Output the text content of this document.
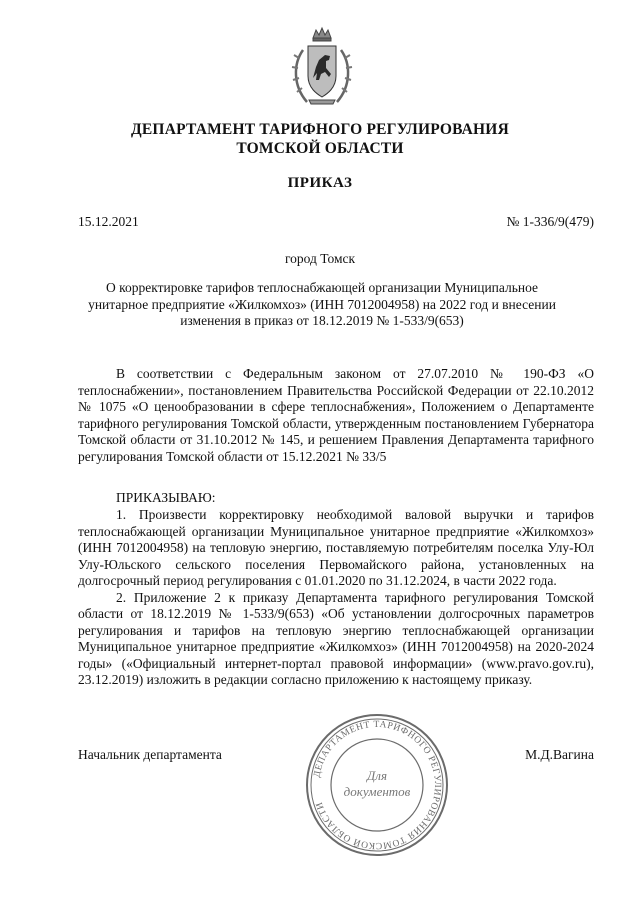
ДЕПАРТАМЕНТ ТАРИФНОГО РЕГУЛИРОВАНИЯ
ТОМСКОЙ ОБЛАСТИ
ПРИКАЗ
15.12.2021	№ 1-336/9(479)
город Томск
О корректировке тарифов теплоснабжающей организации Муниципальное унитарное предприятие «Жилкомхоз» (ИНН 7012004958) на 2022 год и внесении изменения в приказ от 18.12.2019 № 1-533/9(653)

В соответствии с Федеральным законом от 27.07.2010 № 190-ФЗ «О теплоснабжении», постановлением Правительства Российской Федерации от 22.10.2012 № 1075 «О ценообразовании в сфере теплоснабжения», Положением о Департаменте тарифного регулирования Томской области, утвержденным постановлением Губернатора Томской области от 31.10.2012 № 145, и решением Правления Департамента тарифного регулирования Томской области от 15.12.2021 № 33/5

ПРИКАЗЫВАЮ:

1. Произвести корректировку необходимой валовой выручки и тарифов теплоснабжающей организации Муниципальное унитарное предприятие «Жилкомхоз» (ИНН 7012004958) на тепловую энергию, поставляемую потребителям поселка Улу-Юл Улу-Юльского сельского поселения Первомайского района, установленных на долгосрочный период регулирования с 01.01.2020 по 31.12.2024, в части 2022 года.

2. Приложение 2 к приказу Департамента тарифного регулирования Томской области от 18.12.2019 № 1-533/9(653) «Об установлении долгосрочных параметров регулирования и тарифов на тепловую энергию теплоснабжающей организации Муниципальное унитарное предприятие «Жилкомхоз» (ИНН 7012004958) на 2020-2024 годы» («Официальный интернет-портал правовой информации» (www.pravo.gov.ru), 23.12.2019) изложить в редакции согласно приложению к настоящему приказу.

Начальник департамента	М.Д.Вагина
ДЕПАРТАМЕНТ ТАРИФНОГО РЕГУЛИРОВАНИЯ ТОМСКОЙ ОБЛАСТИ
Для
документов
